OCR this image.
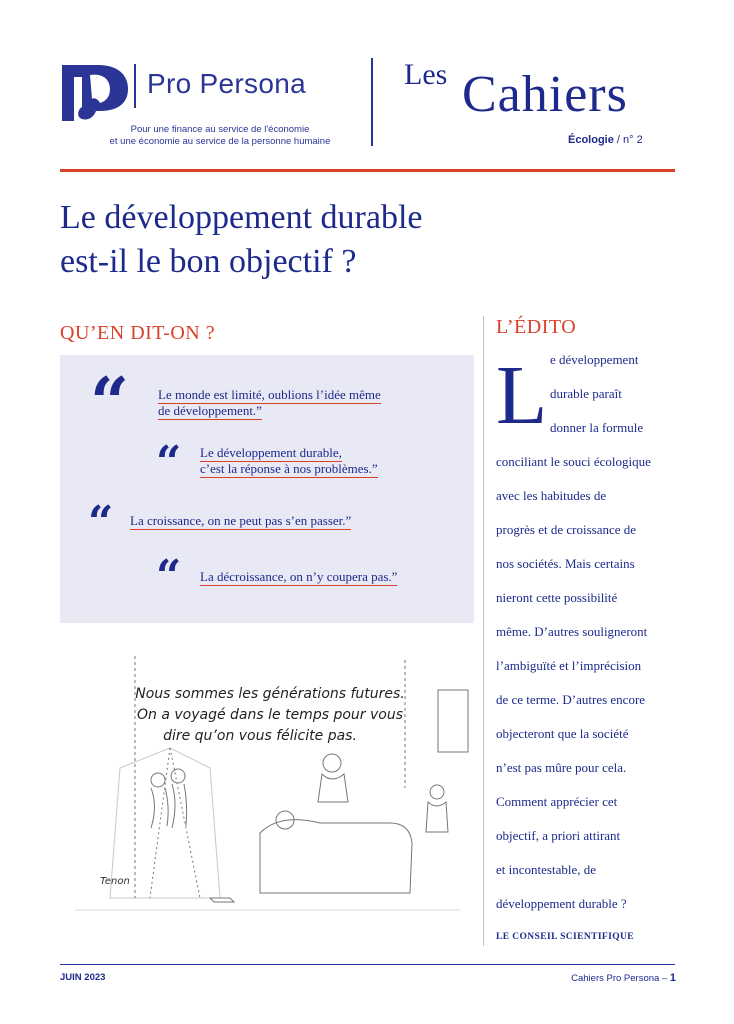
Pro Persona
Pour une finance au service de l'économie
et une économie au service de la personne humaine
Les Cahiers
Écologie / n° 2
Le développement durable
est-il le bon objectif ?
QU’EN DIT-ON ?
“	Le monde est limité, oublions l’idée même
de développement.”
“	Le développement durable,
c’est la réponse à nos problèmes.”
“	La croissance, on ne peut pas s’en passer.”
“	La décroissance, on n’y coupera pas.”
Nous sommes les générations futures.
On a voyagé dans le temps pour vous
dire qu’on vous félicite pas.
Tenon
L’ÉDITO
L e développement
durable paraît
donner la formule
conciliant le souci écologique
avec les habitudes de
progrès et de croissance de
nos sociétés. Mais certains
nieront cette possibilité
même. D’autres souligneront
l’ambiguïté et l’imprécision
de ce terme. D’autres encore
objecteront que la société
n’est pas mûre pour cela.
Comment apprécier cet
objectif, a priori attirant
et incontestable, de
développement durable ?
LE CONSEIL SCIENTIFIQUE
JUIN 2023	Cahiers Pro Persona – 1
